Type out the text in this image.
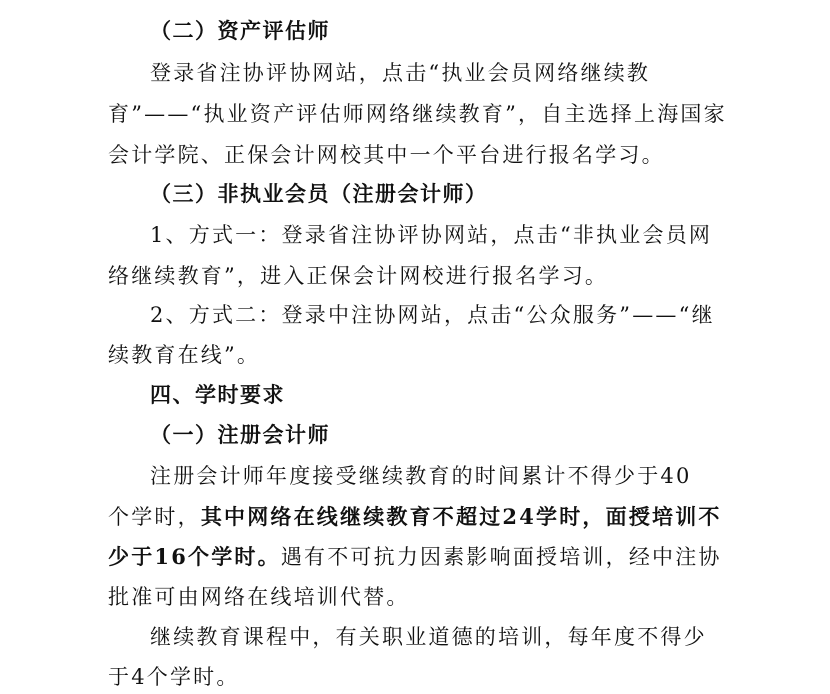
（二）资产评估师
登录省注协评协网站，点击“执业会员网络继续教
育”——“执业资产评估师网络继续教育”，自主选择上海国家
会计学院、正保会计网校其中一个平台进行报名学习。
（三）非执业会员（注册会计师）
1、方式一：登录省注协评协网站，点击“非执业会员网
络继续教育”，进入正保会计网校进行报名学习。
2、方式二：登录中注协网站，点击“公众服务”——“继
续教育在线”。
四、学时要求
（一）注册会计师
注册会计师年度接受继续教育的时间累计不得少于40
个学时，其中网络在线继续教育不超过24学时，面授培训不
少于16个学时。遇有不可抗力因素影响面授培训，经中注协
批准可由网络在线培训代替。
继续教育课程中，有关职业道德的培训，每年度不得少
于4个学时。
